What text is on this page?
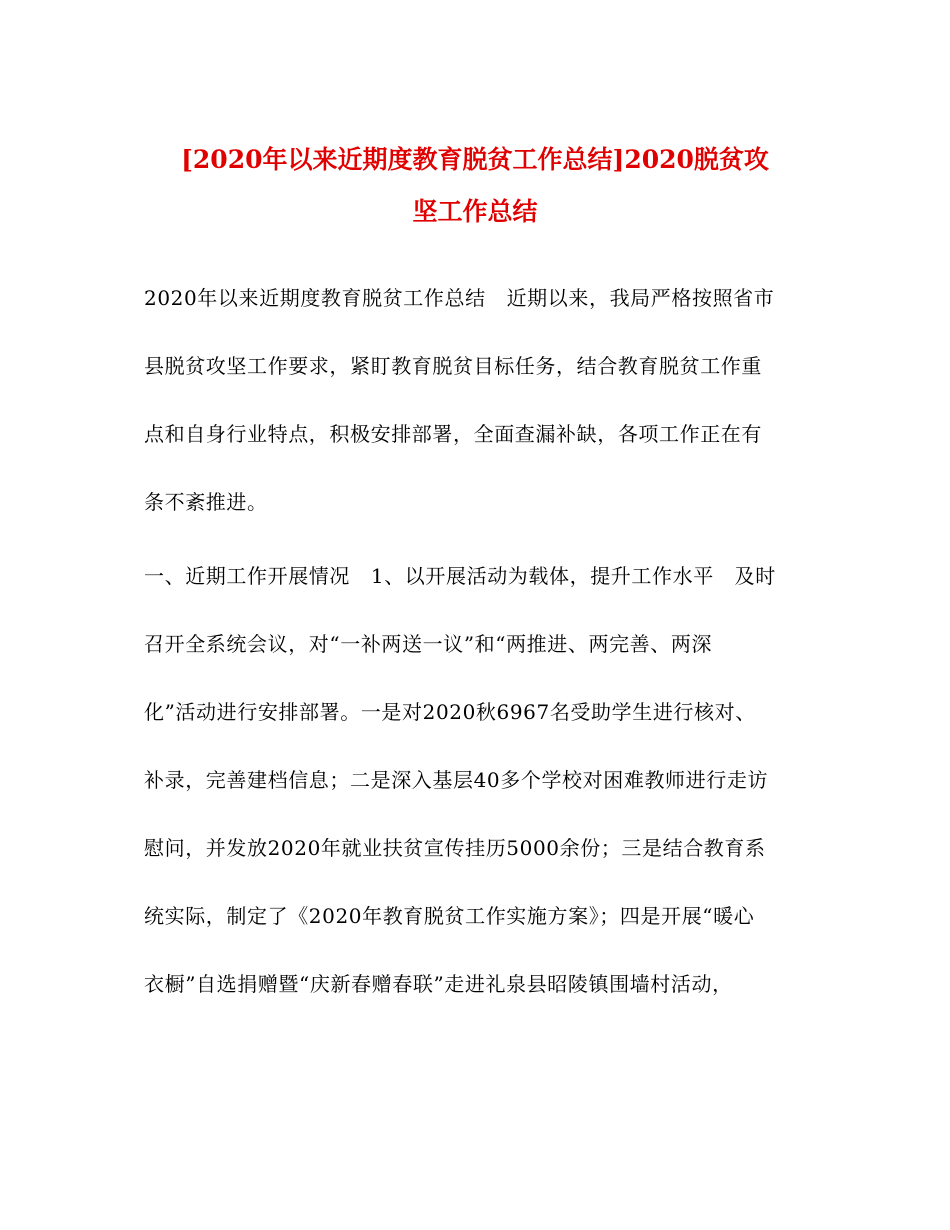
[2020年以来近期度教育脱贫工作总结]2020脱贫攻
坚工作总结
2020年以来近期度教育脱贫工作总结   近期以来，我局严格按照省市
县脱贫攻坚工作要求，紧盯教育脱贫目标任务，结合教育脱贫工作重
点和自身行业特点，积极安排部署，全面查漏补缺，各项工作正在有
条不紊推进。
一、近期工作开展情况   1、以开展活动为载体，提升工作水平   及时
召开全系统会议，对“一补两送一议”和“两推进、两完善、两深
化”活动进行安排部署。一是对2020秋6967名受助学生进行核对、
补录，完善建档信息；二是深入基层40多个学校对困难教师进行走访
慰问，并发放2020年就业扶贫宣传挂历5000余份；三是结合教育系
统实际，制定了《2020年教育脱贫工作实施方案》；四是开展“暖心
衣橱”自选捐赠暨“庆新春赠春联”走进礼泉县昭陵镇围墙村活动，
